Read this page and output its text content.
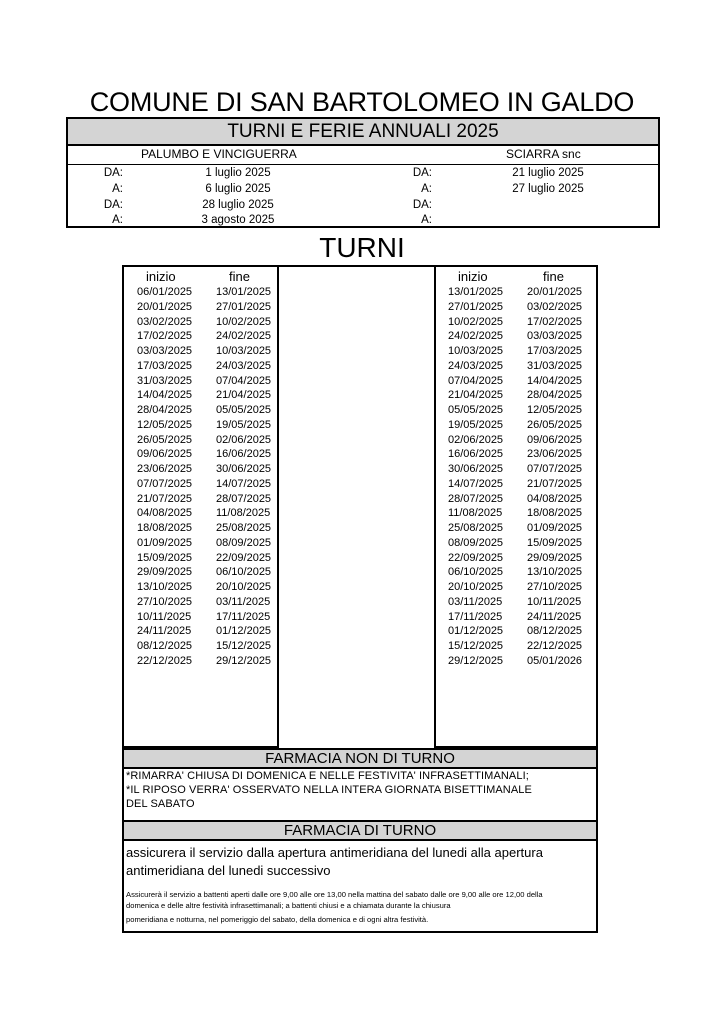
COMUNE DI SAN BARTOLOMEO IN GALDO
TURNI E FERIE ANNUALI 2025
PALUMBO E VINCIGUERRA	SCIARRA snc
DA:	1 luglio 2025	DA:	21 luglio 2025
A:	6 luglio 2025	A:	27 luglio 2025
DA:	28 luglio 2025	DA:
A:	3 agosto 2025	A:
TURNI
inizio	fine
06/01/2025 13/01/2025
20/01/2025 27/01/2025
03/02/2025 10/02/2025
17/02/2025 24/02/2025
03/03/2025 10/03/2025
17/03/2025 24/03/2025
31/03/2025 07/04/2025
14/04/2025 21/04/2025
28/04/2025 05/05/2025
12/05/2025 19/05/2025
26/05/2025 02/06/2025
09/06/2025 16/06/2025
23/06/2025 30/06/2025
07/07/2025 14/07/2025
21/07/2025 28/07/2025
04/08/2025 11/08/2025
18/08/2025 25/08/2025
01/09/2025 08/09/2025
15/09/2025 22/09/2025
29/09/2025 06/10/2025
13/10/2025 20/10/2025
27/10/2025 03/11/2025
10/11/2025 17/11/2025
24/11/2025 01/12/2025
08/12/2025 15/12/2025
22/12/2025 29/12/2025
inizio	fine
13/01/2025 20/01/2025
27/01/2025 03/02/2025
10/02/2025 17/02/2025
24/02/2025 03/03/2025
10/03/2025 17/03/2025
24/03/2025 31/03/2025
07/04/2025 14/04/2025
21/04/2025 28/04/2025
05/05/2025 12/05/2025
19/05/2025 26/05/2025
02/06/2025 09/06/2025
16/06/2025 23/06/2025
30/06/2025 07/07/2025
14/07/2025 21/07/2025
28/07/2025 04/08/2025
11/08/2025 18/08/2025
25/08/2025 01/09/2025
08/09/2025 15/09/2025
22/09/2025 29/09/2025
06/10/2025 13/10/2025
20/10/2025 27/10/2025
03/11/2025 10/11/2025
17/11/2025 24/11/2025
01/12/2025 08/12/2025
15/12/2025 22/12/2025
29/12/2025 05/01/2026
FARMACIA NON DI TURNO
*RIMARRA' CHIUSA DI DOMENICA E NELLE FESTIVITA' INFRASETTIMANALI;
*IL RIPOSO VERRA' OSSERVATO NELLA INTERA GIORNATA BISETTIMANALE
DEL SABATO
FARMACIA DI TURNO
assicurera il servizio dalla apertura antimeridiana del lunedi alla apertura
antimeridiana del lunedi successivo
Assicurerà il servizio a battenti aperti dalle ore 9,00 alle ore 13,00 nella mattina del sabato dalle ore 9,00 alle ore 12,00 della
domenica e delle altre festività infrasettimanali; a battenti chiusi e a chiamata durante la chiusura
pomeridiana e notturna, nel pomeriggio del sabato, della domenica e di ogni altra festività.
